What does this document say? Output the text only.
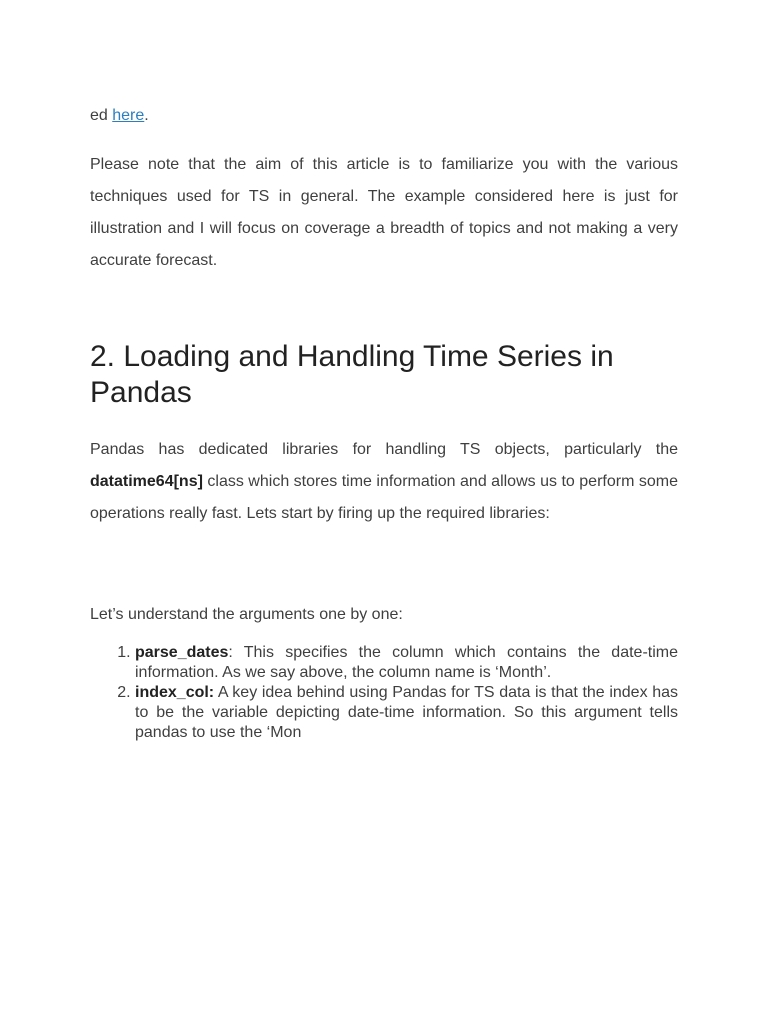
ed here.

Please note that the aim of this article is to familiarize you with the various techniques used for TS in general. The example considered here is just for illustration and I will focus on coverage a breadth of topics and not making a very accurate forecast.

2. Loading and Handling Time Series in Pandas

Pandas has dedicated libraries for handling TS objects, particularly the datatime64[ns] class which stores time information and allows us to perform some operations really fast. Lets start by firing up the required libraries:

Let’s understand the arguments one by one:

1. parse_dates: This specifies the column which contains the date-time information. As we say above, the column name is ‘Month’.
2. index_col: A key idea behind using Pandas for TS data is that the index has to be the variable depicting date-time information. So this argument tells pandas to use the ‘Mon
